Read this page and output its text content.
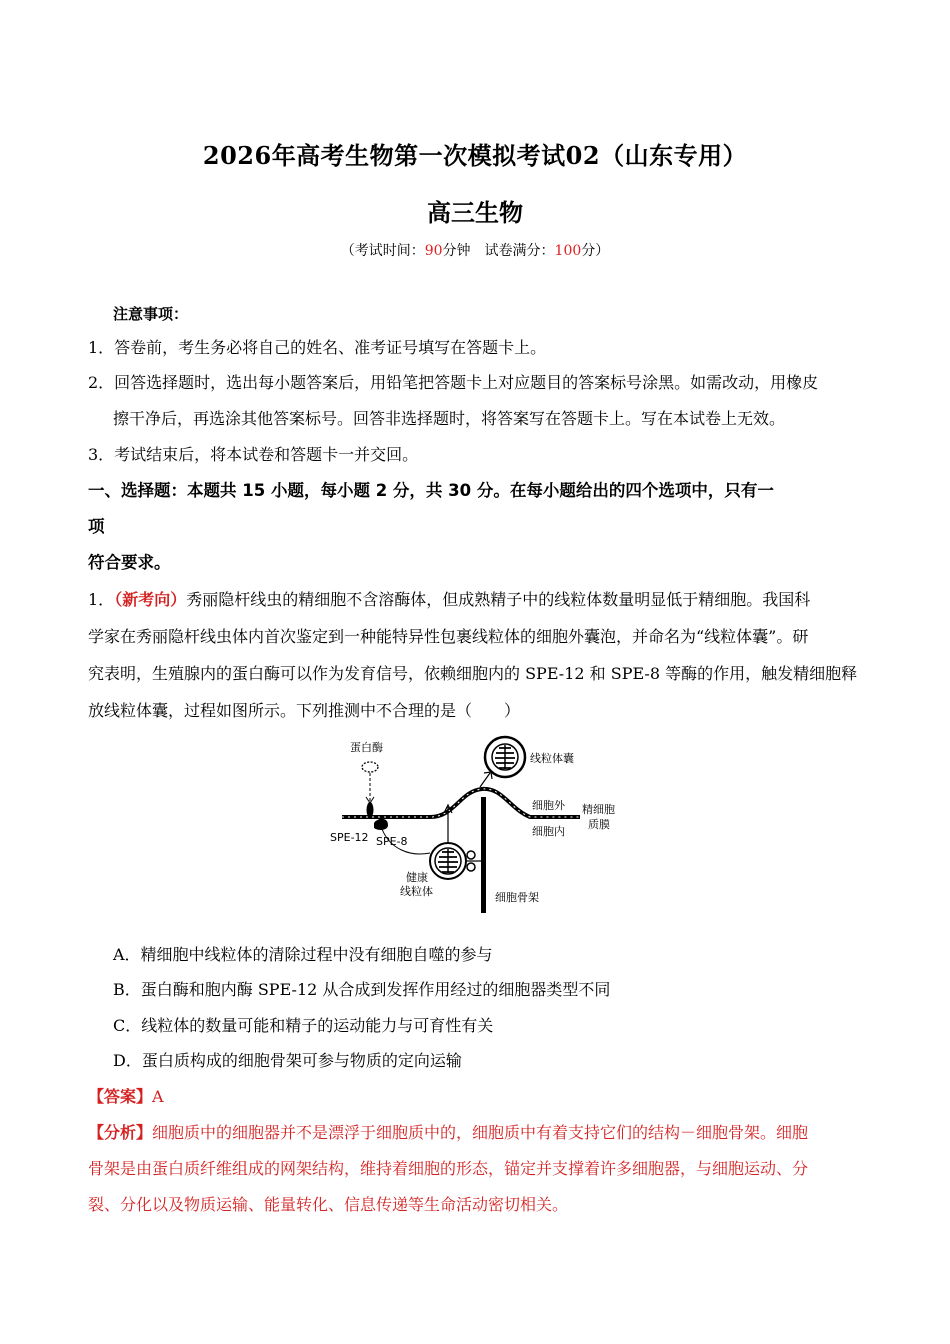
2026年高考生物第一次模拟考试02（山东专用）
高三生物
（考试时间：90分钟　试卷满分：100分）
注意事项：
1．答卷前，考生务必将自己的姓名、准考证号填写在答题卡上。
2．回答选择题时，选出每小题答案后，用铅笔把答题卡上对应题目的答案标号涂黑。如需改动，用橡皮
擦干净后，再选涂其他答案标号。回答非选择题时，将答案写在答题卡上。写在本试卷上无效。
3．考试结束后，将本试卷和答题卡一并交回。
一、选择题：本题共 15 小题，每小题 2 分，共 30 分。在每小题给出的四个选项中，只有一
项
符合要求。
1．（新考向）秀丽隐杆线虫的精细胞不含溶酶体，但成熟精子中的线粒体数量明显低于精细胞。我国科
学家在秀丽隐杆线虫体内首次鉴定到一种能特异性包裹线粒体的细胞外囊泡，并命名为“线粒体囊”。研
究表明，生殖腺内的蛋白酶可以作为发育信号，依赖细胞内的 SPE-12 和 SPE-8 等酶的作用，触发精细胞释
放线粒体囊，过程如图所示。下列推测中不合理的是（　　）
蛋白酶
SPE-12 SPE-8
健康
线粒体	细胞骨架
线粒体囊
细胞外
细胞内
精细胞
质膜
A．精细胞中线粒体的清除过程中没有细胞自噬的参与
B．蛋白酶和胞内酶 SPE-12 从合成到发挥作用经过的细胞器类型不同
C．线粒体的数量可能和精子的运动能力与可育性有关
D．蛋白质构成的细胞骨架可参与物质的定向运输
【答案】A
【分析】细胞质中的细胞器并不是漂浮于细胞质中的，细胞质中有着支持它们的结构－细胞骨架。细胞
骨架是由蛋白质纤维组成的网架结构，维持着细胞的形态，锚定并支撑着许多细胞器，与细胞运动、分
裂、分化以及物质运输、能量转化、信息传递等生命活动密切相关。
